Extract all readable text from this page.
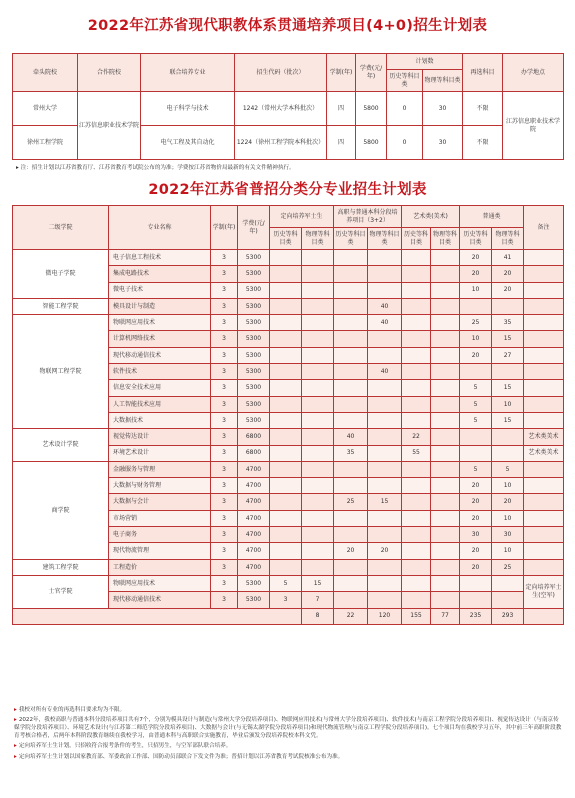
2022年江苏省现代职教体系贯通培养项目(4+0)招生计划表
牵头院校	合作院校	联合培养专业	招生代码（批次）	学制(年)	学费(元/年)	计划数		再选科目	办学地点
						历史等科目类	物理等科目类		
常州大学	江苏信息职业技术学院	电子科学与技术	1242（常州大学本科批次）	四	5800	0	30	不限	江苏信息职业技术学院
徐州工程学院		电气工程及其自动化	1224（徐州工程学院本科批次）	四	5800	0	30	不限	
▸ 注：招生计划以江苏省教育厅、江苏省教育考试院公布的为准；学费按江苏省物价局最新的有关文件精神执行。
2022年江苏省普招分类分专业招生计划表
二级学院	专业名称	学制(年)	学费(元/年)	定向培养军士生		高职与普通本科分段培养项目（3+2）		艺术类(美术)		普通类		备注
				历史等科目类	物理等科目类	历史等科目类	物理等科目类	历史等科目类	物理等科目类	历史等科目类	物理等科目类	
微电子学院	电子信息工程技术	3	5300							20	41	
	集成电路技术	3	5300							20	20	
	微电子技术	3	5300							10	20	
智能工程学院	模具设计与制造	3	5300				40					
物联网工程学院	物联网应用技术	3	5300				40			25	35	
	计算机网络技术	3	5300							10	15	
	现代移动通信技术	3	5300							20	27	
	软件技术	3	5300				40					
	信息安全技术应用	3	5300							5	15	
	人工智能技术应用	3	5300							5	10	
	大数据技术	3	5300							5	15	
艺术设计学院	视觉传达设计	3	6800			40		22				艺术类美术
	环境艺术设计	3	6800			35		55				艺术类美术
商学院	金融服务与管理	3	4700							5	5	
	大数据与财务管理	3	4700							20	10	
	大数据与会计	3	4700			25	15			20	20	
	市场营销	3	4700							20	10	
	电子商务	3	4700							30	30	
	现代物流管理	3	4700			20	20			20	10	
建筑工程学院	工程造价	3	4700							20	25	
士官学院	物联网应用技术	3	5300	5	15							定向培养军士生(空军)
	现代移动通信技术	3	5300	3	7							
					8	22	120	155	77	235	293	

▸ 我校对所有专业的再选科目要求均为不限。

▸ 2022年，我校高职与普通本科分段培养项目共有7个，分别为模具设计与制造(与常州大学分段培养项目)、物联网应用技术(与常州大学分段培养项目)、软件技术(与南京工程学院分段培养项目)、视觉传达设计（与南京传媒学院分段培养项目）、环境艺术设计(与江苏第二师范学院分段培养项目)、大数据与会计(与无锡太湖学院分段培养项目)和现代物流管理(与南京工程学院分段培养项目)。七个项目均在我校学习五年，其中前三年高职阶段教育考核合格者，后两年本科阶段教育继续在我校学习，由普通本科与高职联合实施教育，毕业后颁发分段培养院校本科文凭。

▸ 定向培养军士生计划，只招收符合报考条件的考生，只招男生，与空军部队联合培养。

▸ 定向培养军士生计划以国家教育部、军委政治工作部、国防动员部联合下发文件为准；普招计划以江苏省教育考试院核准公布为准。
